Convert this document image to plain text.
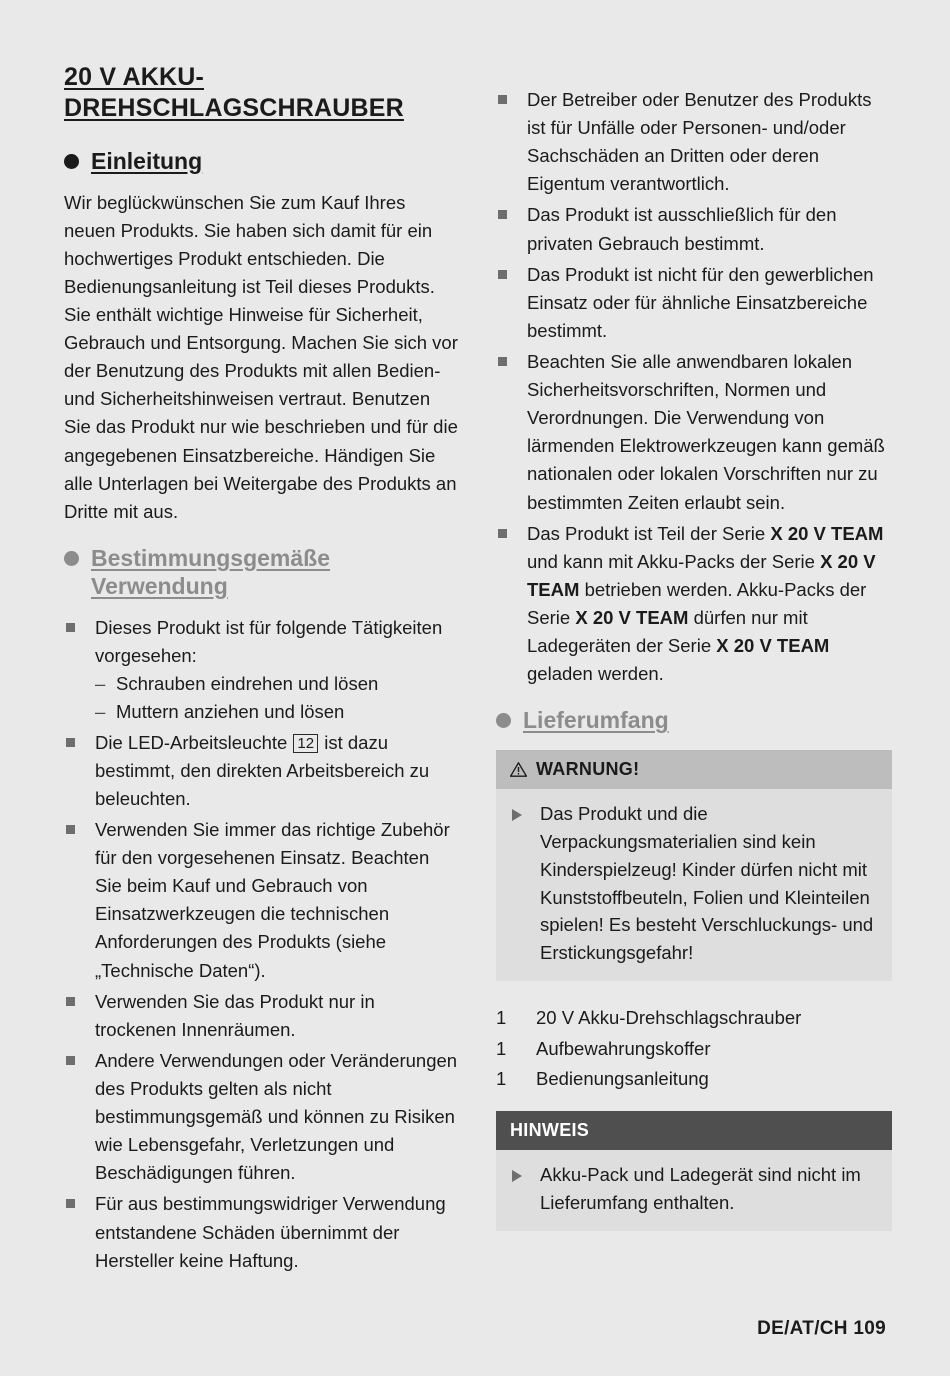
20 V AKKU-DREHSCHLAGSCHRAUBER
Einleitung

Wir beglückwünschen Sie zum Kauf Ihres neuen Produkts. Sie haben sich damit für ein hochwertiges Produkt entschieden. Die Bedienungsanleitung ist Teil dieses Produkts. Sie enthält wichtige Hinweise für Sicherheit, Gebrauch und Entsorgung. Machen Sie sich vor der Benutzung des Produkts mit allen Bedien- und Sicherheitshinweisen vertraut. Benutzen Sie das Produkt nur wie beschrieben und für die angegebenen Einsatzbereiche. Händigen Sie alle Unterlagen bei Weitergabe des Produkts an Dritte mit aus.

Bestimmungsgemäße
Verwendung
Dieses Produkt ist für folgende Tätigkeiten vorgesehen:
– Schrauben eindrehen und lösen
– Muttern anziehen und lösen
Die LED-Arbeitsleuchte 12 ist dazu bestimmt, den direkten Arbeitsbereich zu beleuchten.
Verwenden Sie immer das richtige Zubehör für den vorgesehenen Einsatz. Beachten Sie beim Kauf und Gebrauch von Einsatzwerkzeugen die technischen Anforderungen des Produkts (siehe „Technische Daten“).
Verwenden Sie das Produkt nur in trockenen Innenräumen.
Andere Verwendungen oder Veränderungen des Produkts gelten als nicht bestimmungsgemäß und können zu Risiken wie Lebensgefahr, Verletzungen und Beschädigungen führen.
Für aus bestimmungswidriger Verwendung entstandene Schäden übernimmt der Hersteller keine Haftung.
Der Betreiber oder Benutzer des Produkts ist für Unfälle oder Personen- und/oder Sachschäden an Dritten oder deren Eigentum verantwortlich.
Das Produkt ist ausschließlich für den privaten Gebrauch bestimmt.
Das Produkt ist nicht für den gewerblichen Einsatz oder für ähnliche Einsatzbereiche bestimmt.
Beachten Sie alle anwendbaren lokalen Sicherheitsvorschriften, Normen und Verordnungen. Die Verwendung von lärmenden Elektrowerkzeugen kann gemäß nationalen oder lokalen Vorschriften nur zu bestimmten Zeiten erlaubt sein.
Das Produkt ist Teil der Serie X 20 V TEAM und kann mit Akku-Packs der Serie X 20 V TEAM betrieben werden. Akku-Packs der Serie X 20 V TEAM dürfen nur mit Ladegeräten der Serie X 20 V TEAM geladen werden.
Lieferumfang
WARNUNG!
Das Produkt und die Verpackungsmaterialien sind kein Kinderspielzeug! Kinder dürfen nicht mit Kunststoffbeuteln, Folien und Kleinteilen spielen! Es besteht Verschluckungs- und Erstickungsgefahr!
1	20 V Akku-Drehschlagschrauber
1	Aufbewahrungskoffer
1	Bedienungsanleitung
HINWEIS
Akku-Pack und Ladegerät sind nicht im Lieferumfang enthalten.
DE/AT/CH 109
